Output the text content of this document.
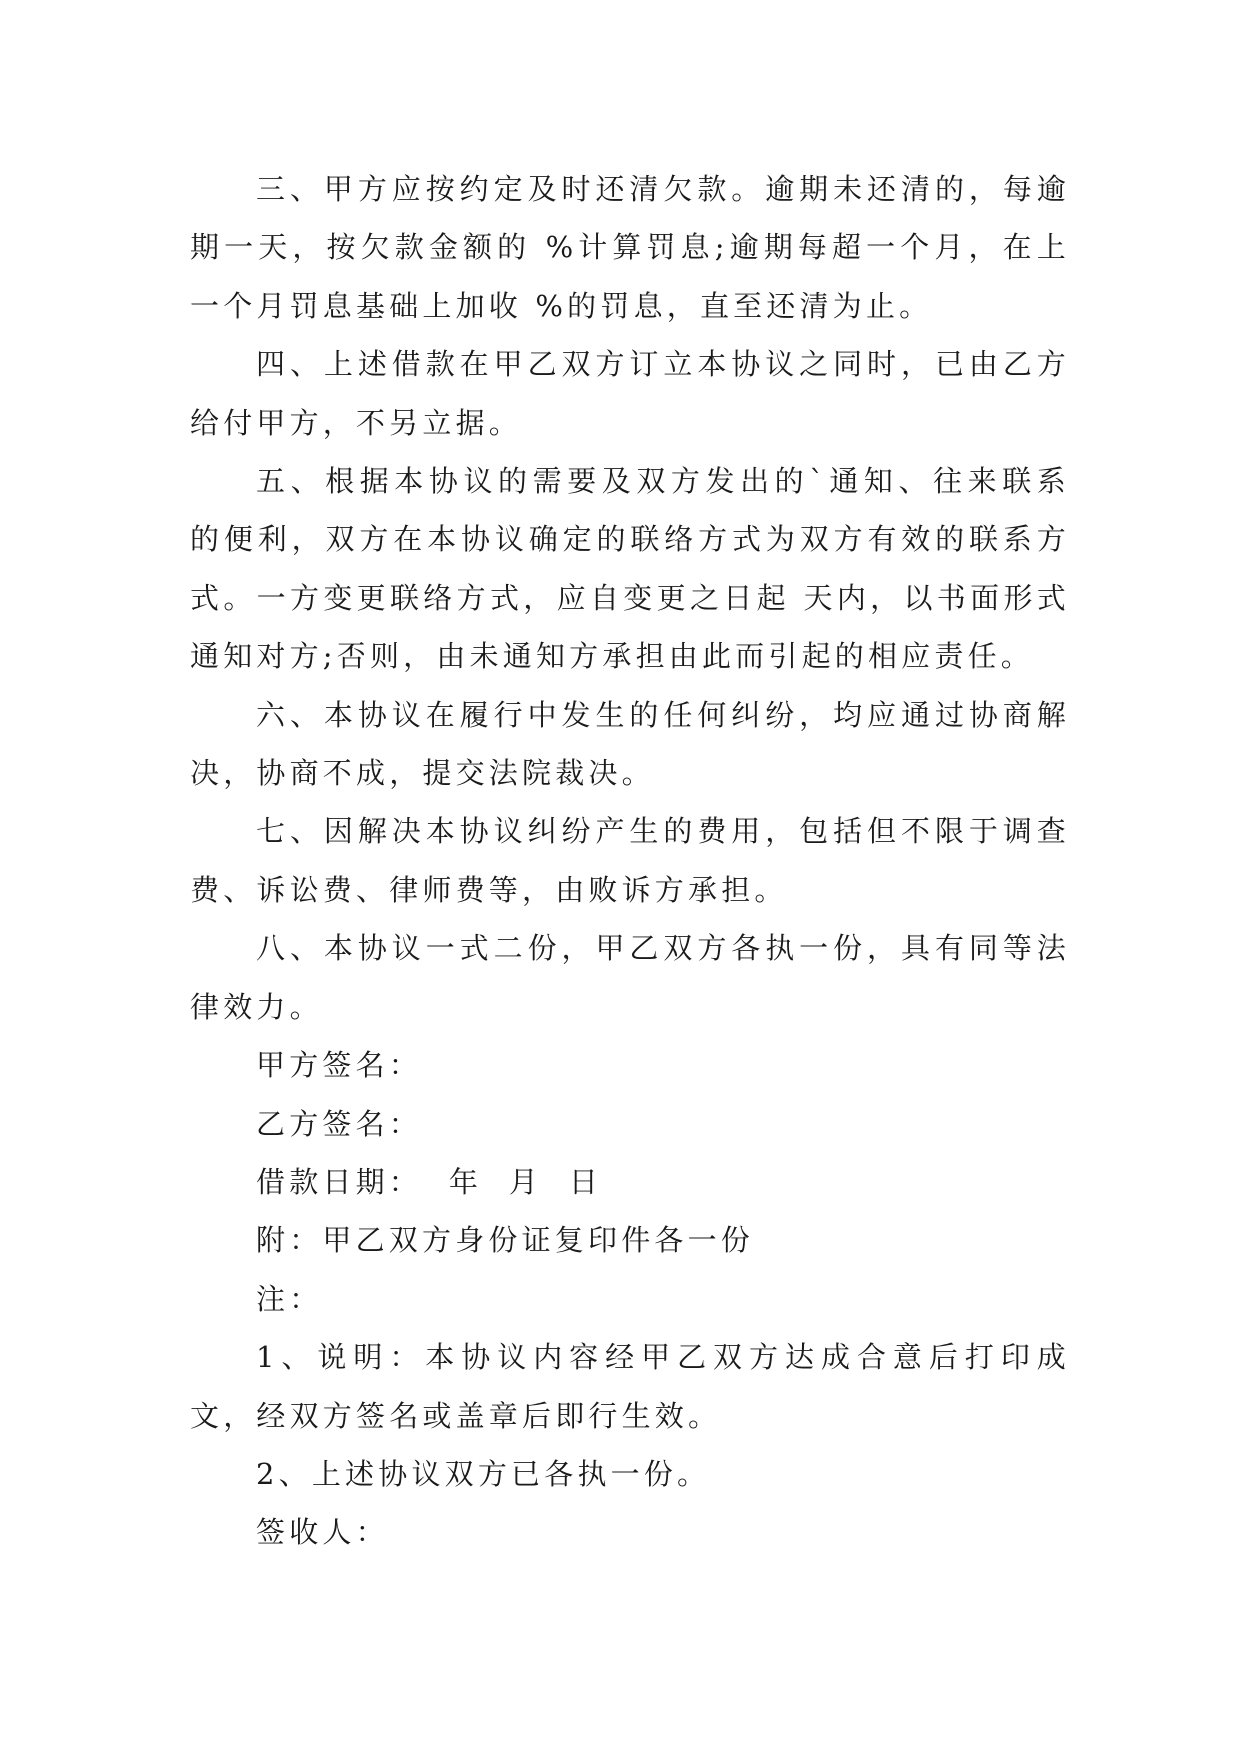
三、甲方应按约定及时还清欠款。逾期未还清的，每逾期一天，按欠款金额的 %计算罚息;逾期每超一个月，在上一个月罚息基础上加收 %的罚息，直至还清为止。

四、上述借款在甲乙双方订立本协议之同时，已由乙方给付甲方，不另立据。

五、根据本协议的需要及双方发出的`通知、往来联系的便利，双方在本协议确定的联络方式为双方有效的联系方式。一方变更联络方式，应自变更之日起 天内，以书面形式通知对方;否则，由未通知方承担由此而引起的相应责任。

六、本协议在履行中发生的任何纠纷，均应通过协商解决，协商不成，提交法院裁决。

七、因解决本协议纠纷产生的费用，包括但不限于调查费、诉讼费、律师费等，由败诉方承担。

八、本协议一式二份，甲乙双方各执一份，具有同等法律效力。

甲方签名：

乙方签名：

借款日期：  年  月  日

附：甲乙双方身份证复印件各一份

注：

1、说明：本协议内容经甲乙双方达成合意后打印成文，经双方签名或盖章后即行生效。

2、上述协议双方已各执一份。

签收人：
